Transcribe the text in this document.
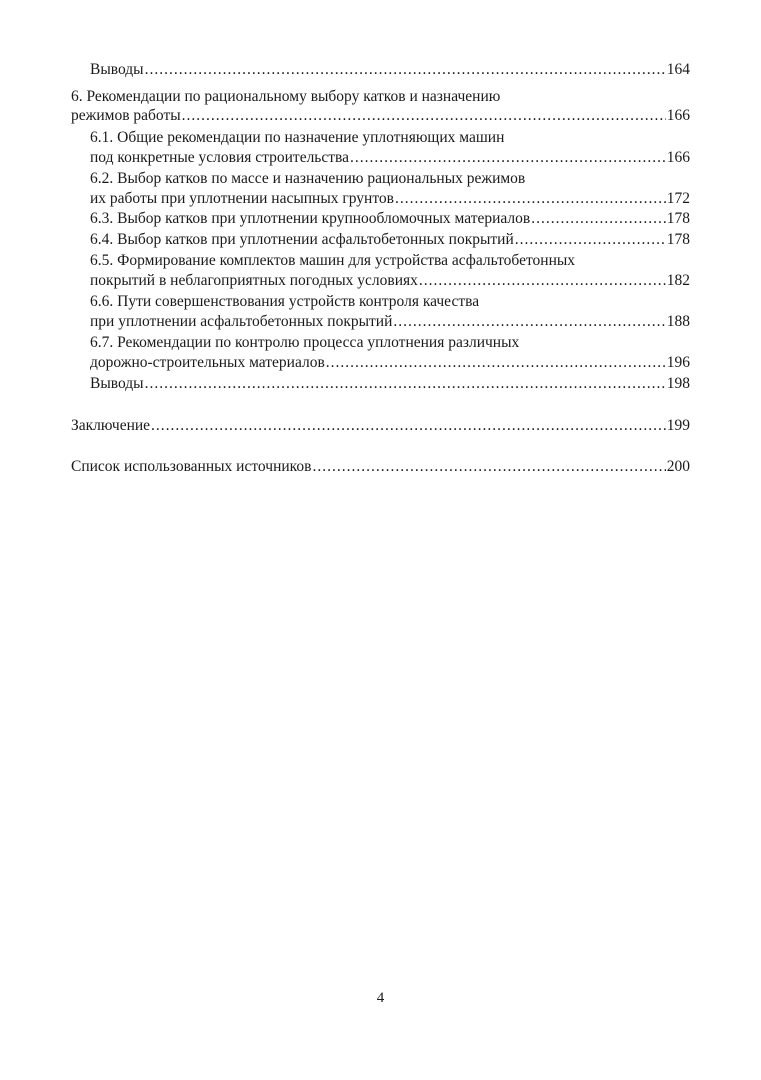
Выводы .....	164
6. Рекомендации по рациональному выбору катков и назначению
режимов работы .....	166
6.1. Общие рекомендации по назначение уплотняющих машин
под конкретные условия строительства .....	166
6.2. Выбор катков по массе и назначению рациональных режимов
их работы при уплотнении насыпных грунтов .....	172
6.3. Выбор катков при уплотнении крупнообломочных материалов .....	178
6.4. Выбор катков при уплотнении асфальтобетонных покрытий .....	178
6.5. Формирование комплектов машин для устройства асфальтобетонных
покрытий в неблагоприятных погодных условиях .....	182
6.6. Пути совершенствования устройств контроля качества
при уплотнении асфальтобетонных покрытий .....	188
6.7. Рекомендации по контролю процесса уплотнения различных
дорожно-строительных материалов .....	196
Выводы .....	198
Заключение .....	199
Список использованных источников .....	200
4
